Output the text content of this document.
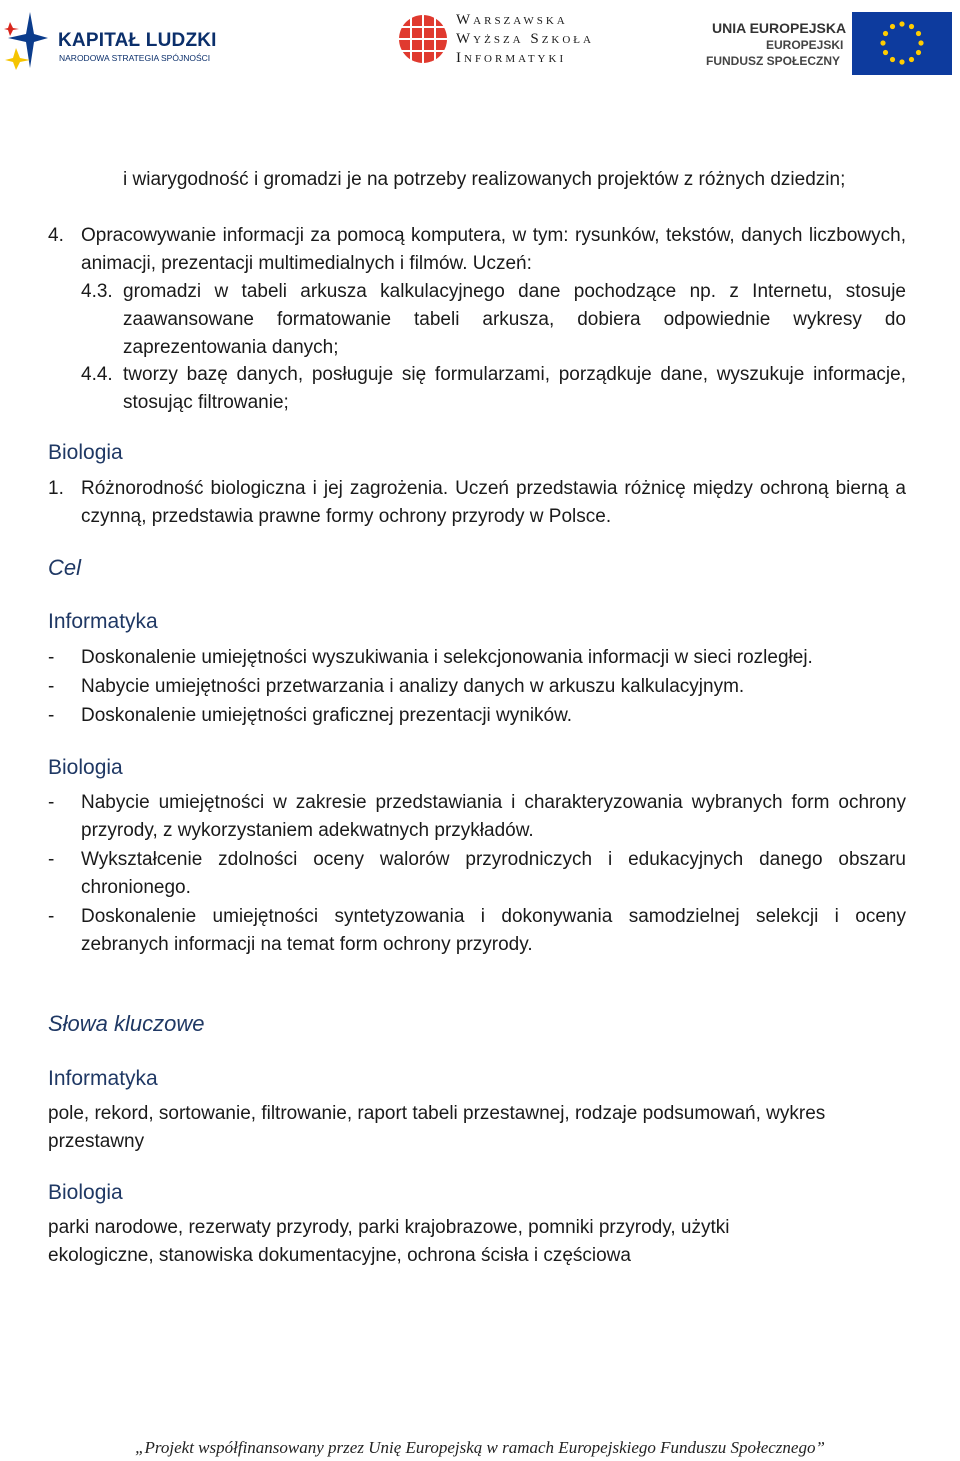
KAPITAŁ LUDZKI
NARODOWA STRATEGIA SPÓJNOŚCI
Warszawska
Wyższa Szkoła
Informatyki
UNIA EUROPEJSKA
EUROPEJSKI
FUNDUSZ SPOŁECZNY
i wiarygodność i gromadzi je na potrzeby realizowanych projektów z różnych dziedzin;
4. Opracowywanie informacji za pomocą komputera, w tym: rysunków, tekstów, danych liczbowych, animacji, prezentacji multimedialnych i filmów. Uczeń:
4.3. gromadzi w tabeli arkusza kalkulacyjnego dane pochodzące np. z Internetu, stosuje zaawansowane formatowanie tabeli arkusza, dobiera odpowiednie wykresy do zaprezentowania danych;
4.4. tworzy bazę danych, posługuje się formularzami, porządkuje dane, wyszukuje informacje, stosując filtrowanie;
Biologia
1. Różnorodność biologiczna i jej zagrożenia. Uczeń przedstawia różnicę między ochroną bierną a czynną, przedstawia prawne formy ochrony przyrody w Polsce.
Cel
Informatyka
- Doskonalenie umiejętności wyszukiwania i selekcjonowania informacji w sieci rozległej.
- Nabycie umiejętności przetwarzania i analizy danych w arkuszu kalkulacyjnym.
- Doskonalenie umiejętności graficznej prezentacji wyników.
Biologia
- Nabycie umiejętności w zakresie przedstawiania i charakteryzowania wybranych form ochrony przyrody, z wykorzystaniem adekwatnych przykładów.
- Wykształcenie zdolności oceny walorów przyrodniczych i edukacyjnych danego obszaru chronionego.
- Doskonalenie umiejętności syntetyzowania i dokonywania samodzielnej selekcji i oceny zebranych informacji na temat form ochrony przyrody.
Słowa kluczowe
Informatyka
pole, rekord, sortowanie, filtrowanie, raport tabeli przestawnej, rodzaje podsumowań, wykres przestawny
Biologia
parki narodowe, rezerwaty przyrody, parki krajobrazowe, pomniki przyrody, użytki ekologiczne, stanowiska dokumentacyjne, ochrona ścisła i częściowa
„Projekt współfinansowany przez Unię Europejską w ramach Europejskiego Funduszu Społecznego”
